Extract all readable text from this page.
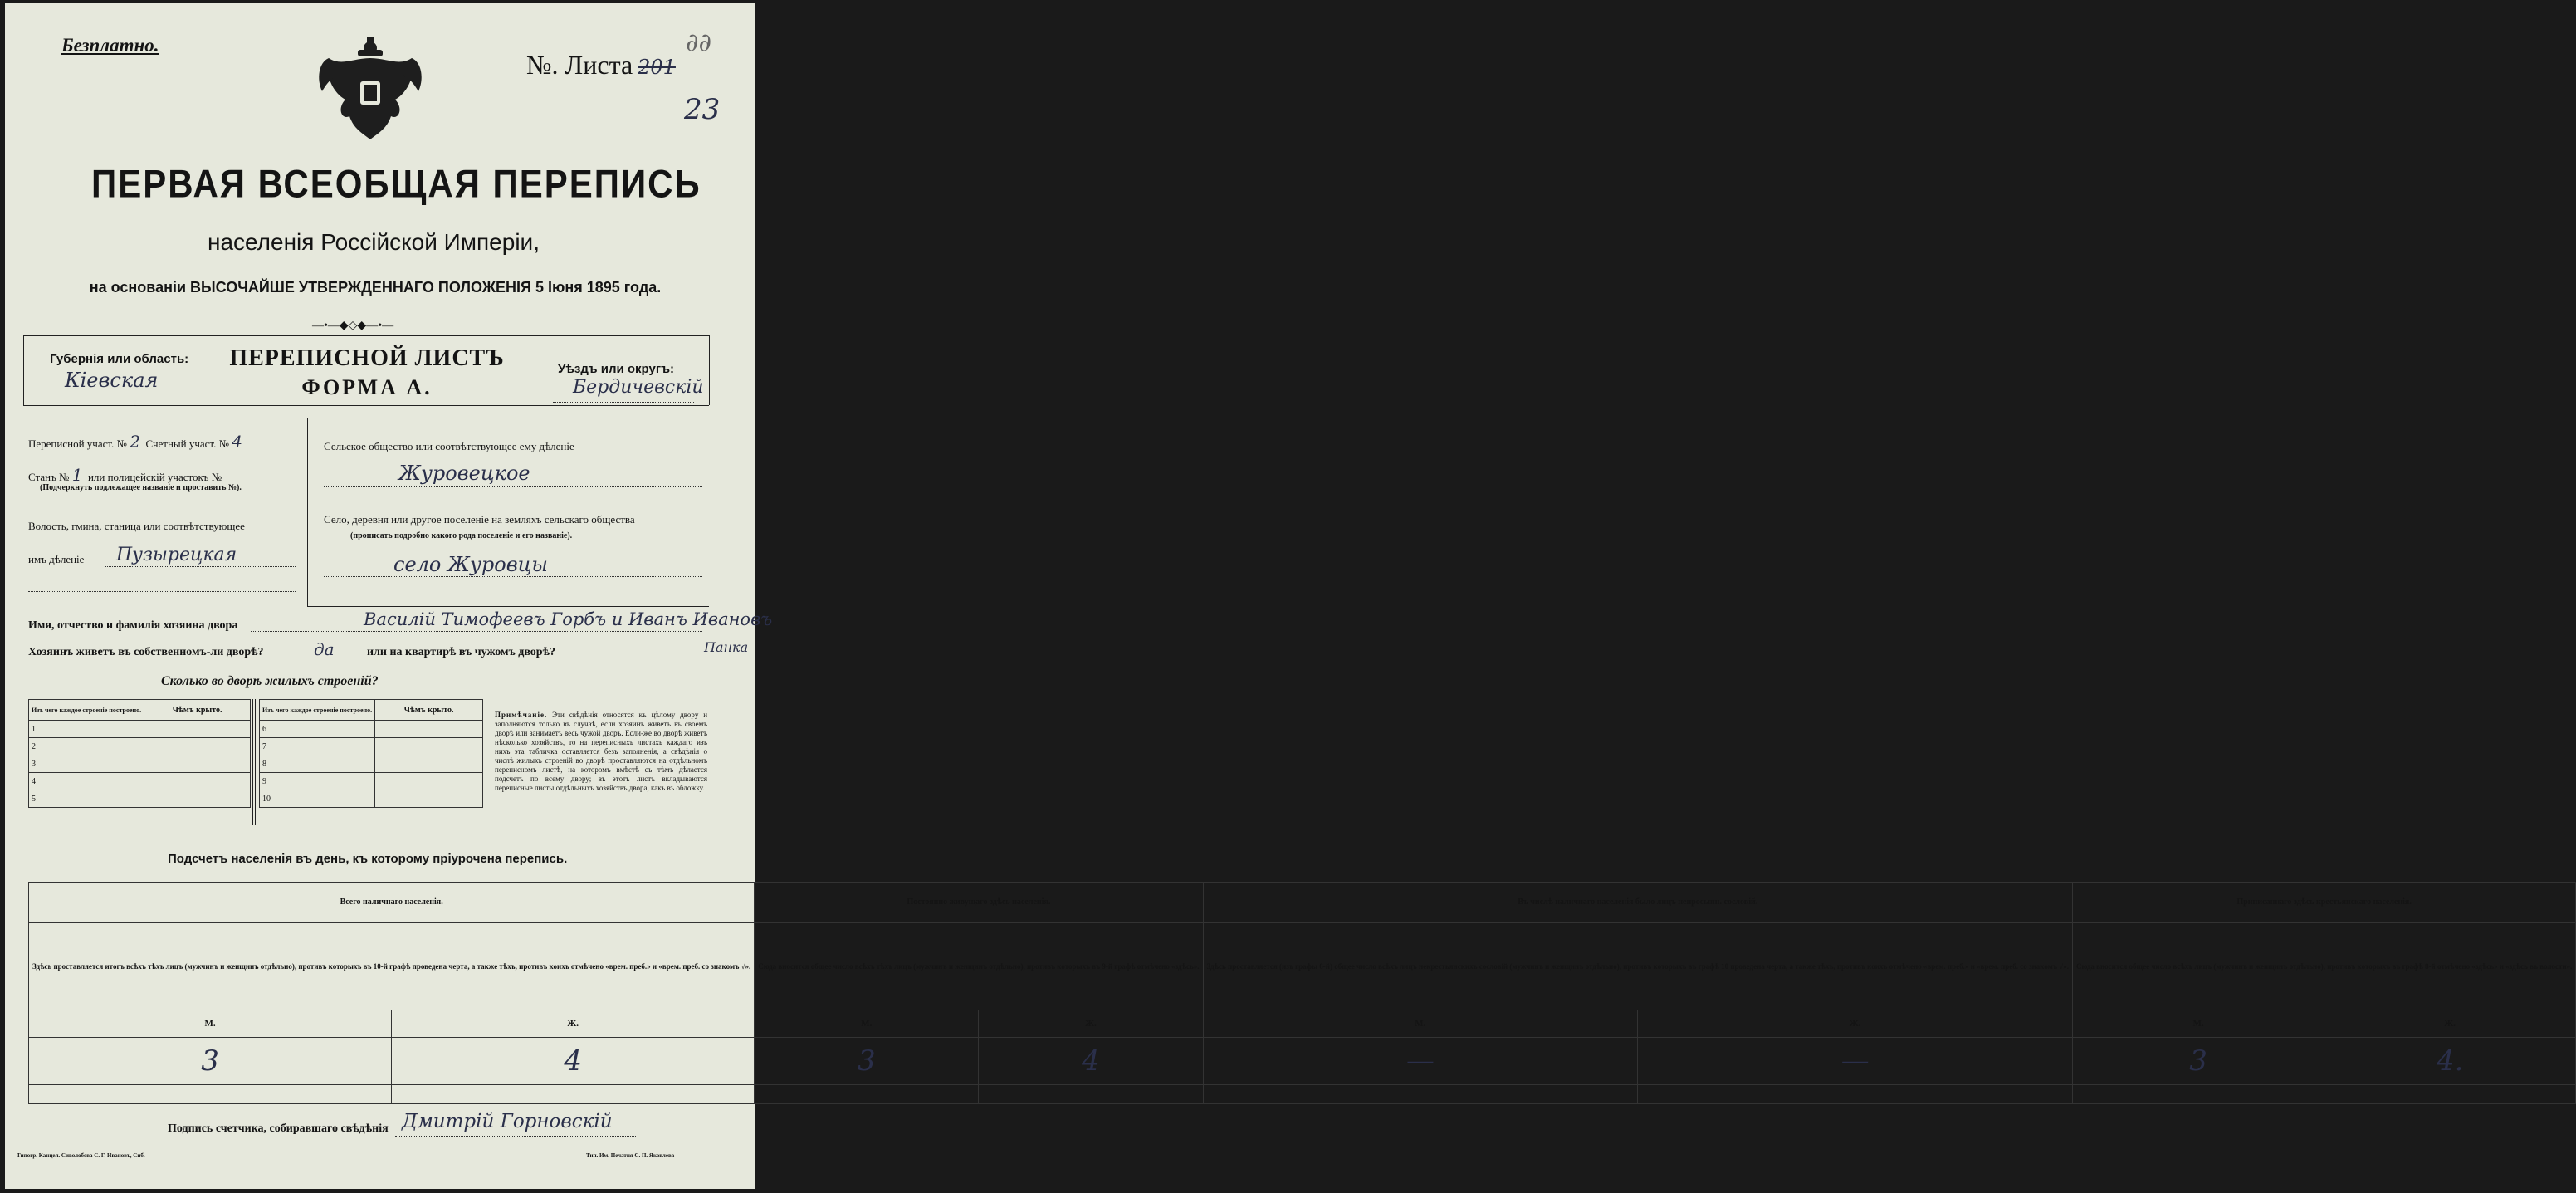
Безплатно.
№. Листа 201
23
∂∂
ПЕРВАЯ ВСЕОБЩАЯ ПЕРЕПИСЬ
населенія Россійской Имперіи,
на основаніи ВЫСОЧАЙШЕ УТВЕРЖДЕННАГО ПОЛОЖЕНІЯ 5 Іюня 1895 года.
—•—◆◇◆—•—
Губернія или область:
Кіевская
ПЕРЕПИСНОЙ ЛИСТЪ
ФОРМА А.
Уѣздъ или округъ:
Бердичевскій
Переписной участ. № 2 Счетный участ. № 4
Станъ № 1 или полицейскій участокъ №
(Подчеркнуть подлежащее названіе и проставить №).
Волость, гмина, станица или соотвѣтствующее
имъ дѣленіе Пузырецкая
Сельское общество или соотвѣтствующее ему дѣленіе
Журовецкое
Село, деревня или другое поселеніе на земляхъ сельскаго общества
(прописать подробно какого рода поселеніе и его названіе).
село Журовцы
Имя, отчество и фамилія хозяина двора	Василій Тимофеевъ Горбъ и Иванъ Ивановъ
Панка
Хозяинъ живетъ въ собственномъ-ли дворѣ?	да	или на квартирѣ въ чужомъ дворѣ?
Сколько во дворѣ жилыхъ строеній?
Изъ чего каждое строеніе построено.	Чѣмъ крыто.
1	
2	
3	
4	
5	
Изъ чего каждое строеніе построено.	Чѣмъ крыто.
6	
7	
8	
9	
10	
Примѣчаніе. Эти свѣдѣнія относятся къ цѣлому двору и заполняются только въ случаѣ, если хозяинъ живетъ въ своемъ дворѣ или занимаетъ весь чужой дворъ. Если-же во дворѣ живетъ нѣсколько хозяйствъ, то на переписныхъ листахъ каждаго изъ нихъ эта табличка оставляется безъ заполненія, а свѣдѣнія о числѣ жилыхъ строеній во дворѣ проставляются на отдѣльномъ переписномъ листѣ, на которомъ вмѣстѣ съ тѣмъ дѣлается подсчетъ по всему двору; въ этотъ листъ вкладываются переписные листы отдѣльныхъ хозяйствъ двора, какъ въ обложку.
Подсчетъ населенія въ день, къ которому пріурочена перепись.
Всего наличнаго населенія.		Постоянно живущаго здѣсь населенія.		Въ числѣ наличнаго населенія было лицъ непросыпн. сословій.		Приписаннаго здѣсь крестьянскаго населенія.	
Здѣсь проставляется итогъ всѣхъ тѣхъ лицъ (мужчинъ и женщинъ отдѣльно), противъ которыхъ въ 10-й графѣ проведена черта, а также тѣхъ, противъ коихъ отмѣчено «врем. преб.» и «врем. преб. со знакомъ √».		Сюда вносится общее число всѣхъ тѣхъ лицъ (мужчинъ и женщинъ отдѣльно), противъ которыхъ въ 9-й графѣ отмѣчено «здѣсь».		Здѣсь проставляется (изъ графы 6-й) общее число всѣхъ лицъ некрестьянскихъ сословій (мужчинъ и женщинъ отдѣльно), противъ которыхъ въ графѣ 10 проведена черта, а также тѣхъ, противъ коихъ отмѣчено «врем. преб.» и «врем. преб. со знакомъ √».		Сюда вносится общее число всѣхъ лицъ (мужчинъ и женщинъ отдѣльно), противъ которыхъ въ графѣ 8-й отмѣчено «здѣсь» и «здѣсь въ волости».	
М.	Ж.	М.	Ж.	М.	Ж.	М.	Ж.
3	4	3	4	—	—	3	4.

Подпись счетчика, собиравшаго свѣдѣнія Дмитрій Горновскій
Tипогр. Канцел. Сиволобова С. Г. Ивановъ, Спб.	Тип. Им. Печатня С. П. Яковлева
